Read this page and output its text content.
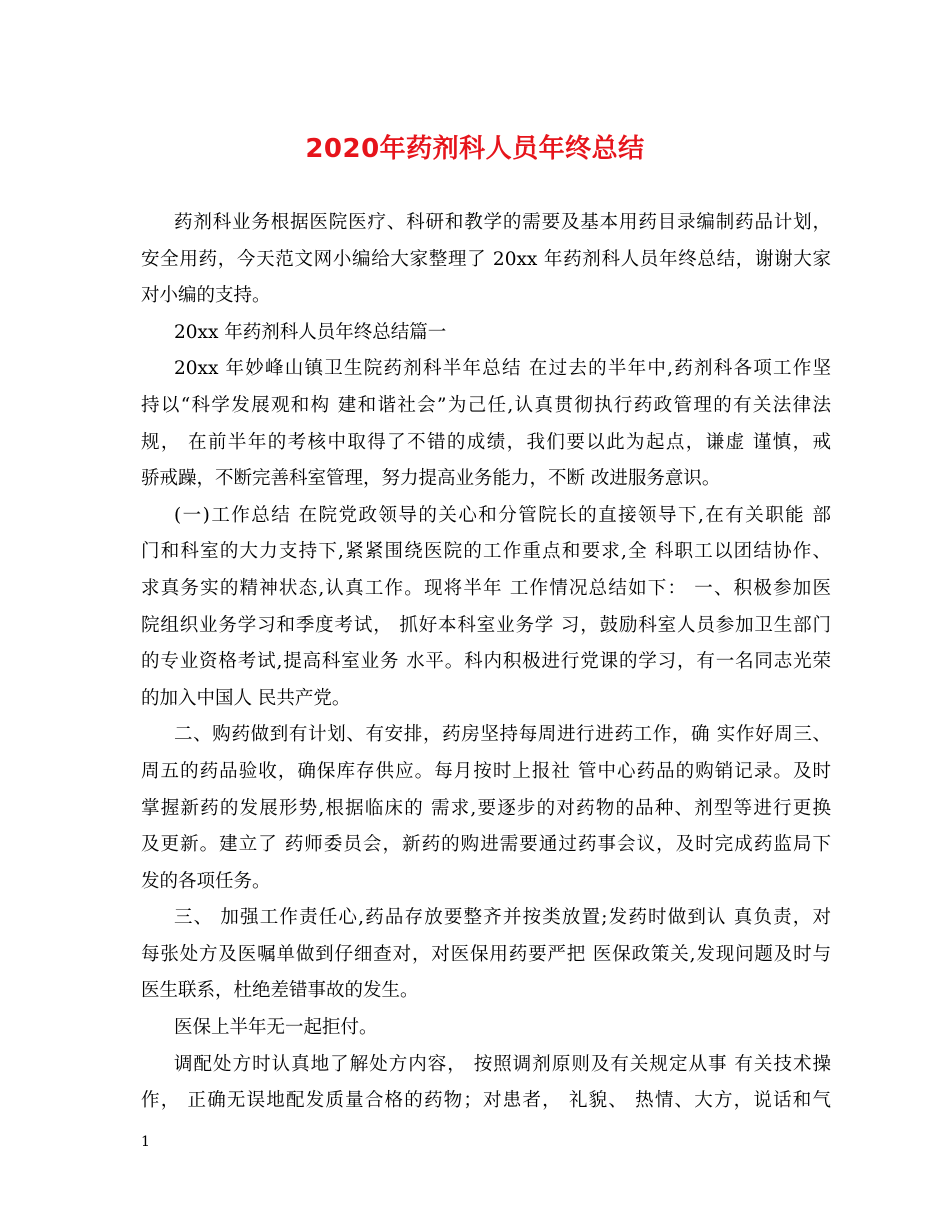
2020年药剂科人员年终总结
药剂科业务根据医院医疗、科研和教学的需要及基本用药目录编制药品计划，
安全用药，今天范文网小编给大家整理了 20xx 年药剂科人员年终总结，谢谢大家
对小编的支持。
20xx 年药剂科人员年终总结篇一
20xx 年妙峰山镇卫生院药剂科半年总结 在过去的半年中,药剂科各项工作坚
持以“科学发展观和构 建和谐社会”为己任,认真贯彻执行药政管理的有关法律法
规， 在前半年的考核中取得了不错的成绩，我们要以此为起点，谦虚 谨慎，戒
骄戒躁，不断完善科室管理，努力提高业务能力，不断 改进服务意识。
(一)工作总结 在院党政领导的关心和分管院长的直接领导下,在有关职能 部
门和科室的大力支持下,紧紧围绕医院的工作重点和要求,全 科职工以团结协作、
求真务实的精神状态,认真工作。现将半年 工作情况总结如下： 一、积极参加医
院组织业务学习和季度考试， 抓好本科室业务学 习，鼓励科室人员参加卫生部门
的专业资格考试,提高科室业务 水平。科内积极进行党课的学习，有一名同志光荣
的加入中国人 民共产党。
二、购药做到有计划、有安排，药房坚持每周进行进药工作，确 实作好周三、
周五的药品验收，确保库存供应。每月按时上报社 管中心药品的购销记录。及时
掌握新药的发展形势,根据临床的 需求,要逐步的对药物的品种、剂型等进行更换
及更新。建立了 药师委员会，新药的购进需要通过药事会议，及时完成药监局下
发的各项任务。
三、 加强工作责任心,药品存放要整齐并按类放置;发药时做到认 真负责，对
每张处方及医嘱单做到仔细查对，对医保用药要严把 医保政策关,发现问题及时与
医生联系，杜绝差错事故的发生。
医保上半年无一起拒付。
调配处方时认真地了解处方内容， 按照调剂原则及有关规定从事 有关技术操
作， 正确无误地配发质量合格的药物；对患者， 礼貌、 热情、大方，说话和气
1
